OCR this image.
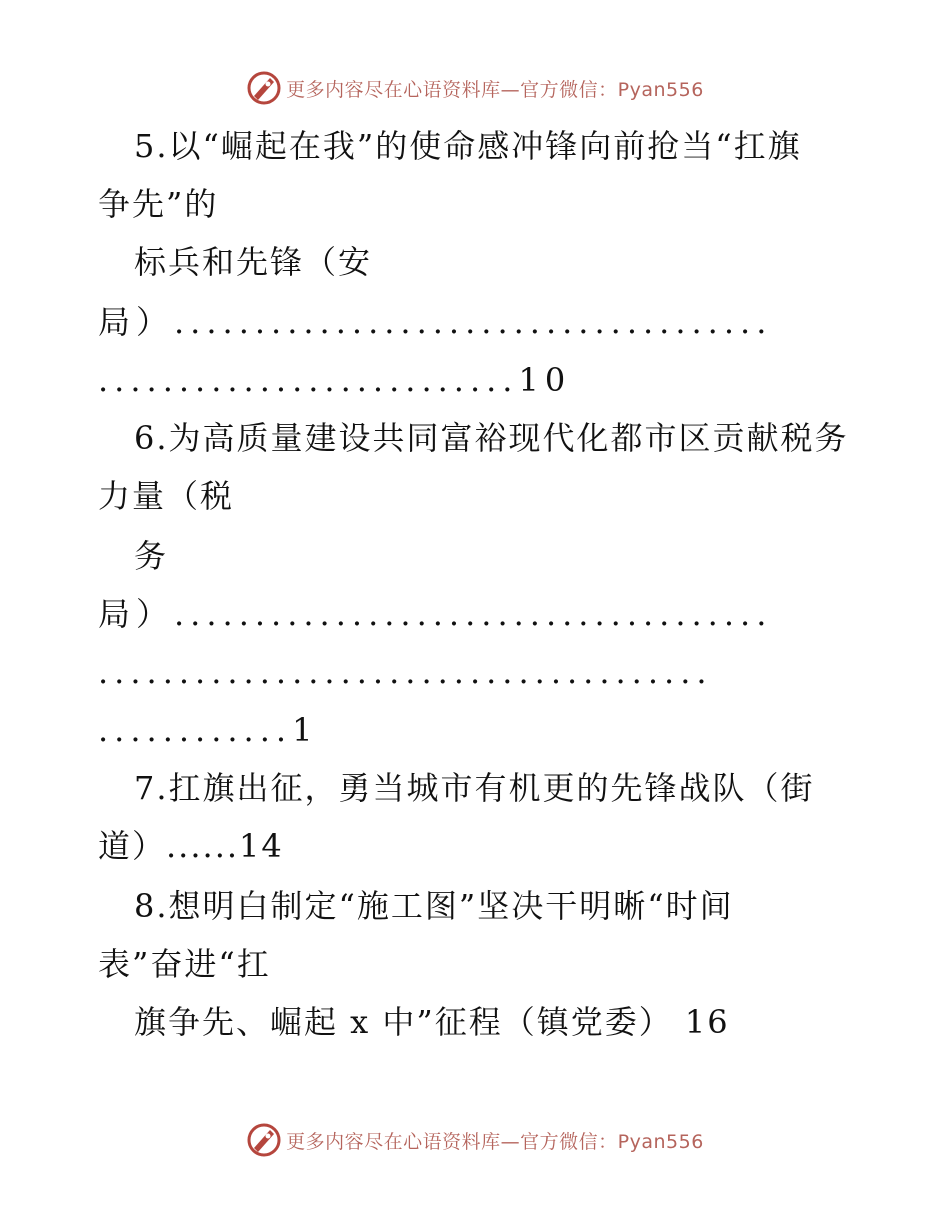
更多内容尽在心语资料库—官方微信：Pyan556
5.以“崛起在我”的使命感冲锋向前抢当“扛旗
争先”的
标兵和先锋（安
局）.....................................
..........................10
6.为高质量建设共同富裕现代化都市区贡献税务
力量（税
务
局）.....................................
......................................
............1
7.扛旗出征，勇当城市有机更的先锋战队（街
道）......14
8.想明白制定“施工图”坚决干明晰“时间
表”奋进“扛
旗争先、崛起 x 中”征程（镇党委） 16
更多内容尽在心语资料库—官方微信：Pyan556
